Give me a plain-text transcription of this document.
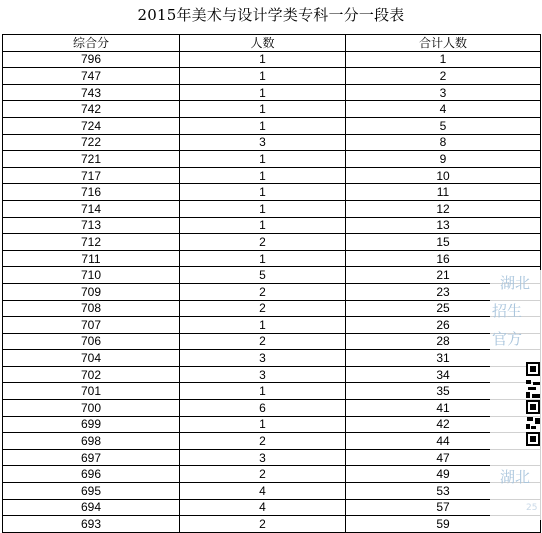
2015年美术与设计学类专科一分一段表
综合分	人数	合计人数
796	1	1
747	1	2
743	1	3
742	1	4
724	1	5
722	3	8
721	1	9
717	1	10
716	1	11
714	1	12
713	1	13
712	2	15
711	1	16
710	5	21
709	2	23
708	2	25
707	1	26
706	2	28
704	3	31
702	3	34
701	1	35
700	6	41
699	1	42
698	2	44
697	3	47
696	2	49
695	4	53
694	4	57
693	2	59
湖北
招生
官方
湖北
25
